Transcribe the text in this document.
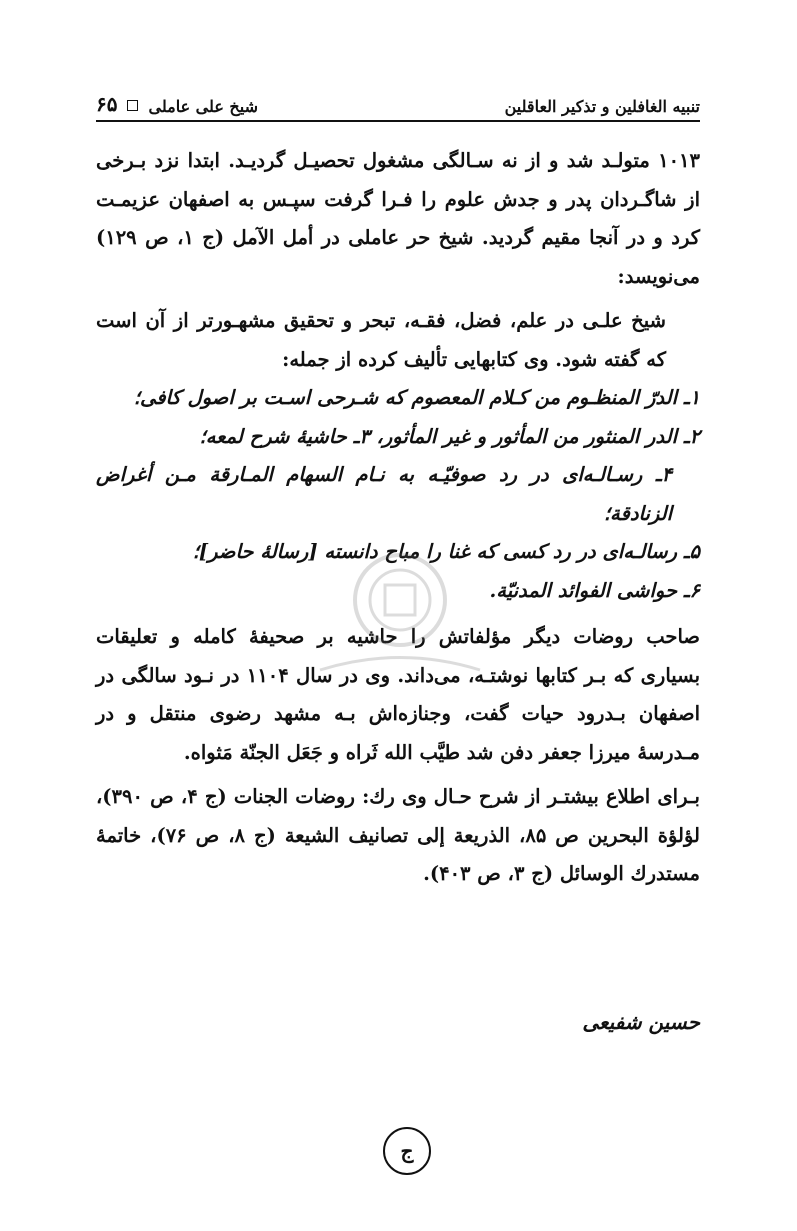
تنبیه الغافلین و تذکیر العاقلین
شیخ علی عاملی
۶۵

۱۰۱۳ متولـد شد و از نه سـالگی مشغول تحصیـل گردیـد. ابتدا نزد بـرخی از شاگـردان پدر و جدش علوم را فـرا گرفت سپـس به اصفهان عزیمـت کرد و در آنجا مقیم گردید. شیخ حر عاملی در أمل الآمل (ج ۱، ص ۱۲۹) می‌نویسد:

شیخ علـی در علم، فضل، فقـه، تبحر و تحقیق مشهـورتر از آن است که گفته شود. وی کتابهایی تألیف کرده از جمله:

۱ـ الدرّ المنظـوم من کـلام المعصوم که شـرحی اسـت بر اصول کافی؛

۲ـ الدر المنثور من المأثور و غیر المأثور، ۳ـ حاشیهٔ شرح لمعه؛

۴ـ رسـالـه‌ای در رد صوفیّـه به نـام السهام المـارقة مـن أغراض الزنادقة؛

۵ـ رسالـه‌ای در رد کسی که غنا را مباح دانسته [رسالهٔ حاضر]؛

۶ـ حواشی الفوائد المدنیّة.

صاحب روضات دیگر مؤلفاتش را حاشیه بر صحیفهٔ کامله و تعلیقات بسیاری که بـر کتابها نوشتـه، می‌داند. وی در سال ۱۱۰۴ در نـود سالگی در اصفهان بـدرود حیات گفت، وجنازه‌اش بـه مشهد رضوی منتقل و در مـدرسهٔ میرزا جعفر دفن شد طیَّب الله ثَراه و جَعَل الجنّة مَثواه.

بـرای اطلاع بیشتـر از شرح حـال وی رك: روضات الجنات (ج ۴، ص ۳۹۰)، لؤلؤة البحرین ص ۸۵، الذریعة إلی تصانیف الشیعة (ج ۸، ص ۷۶)، خاتمهٔ مستدرك الوسائل (ج ۳، ص ۴۰۳).

حسین شفیعی
ج
